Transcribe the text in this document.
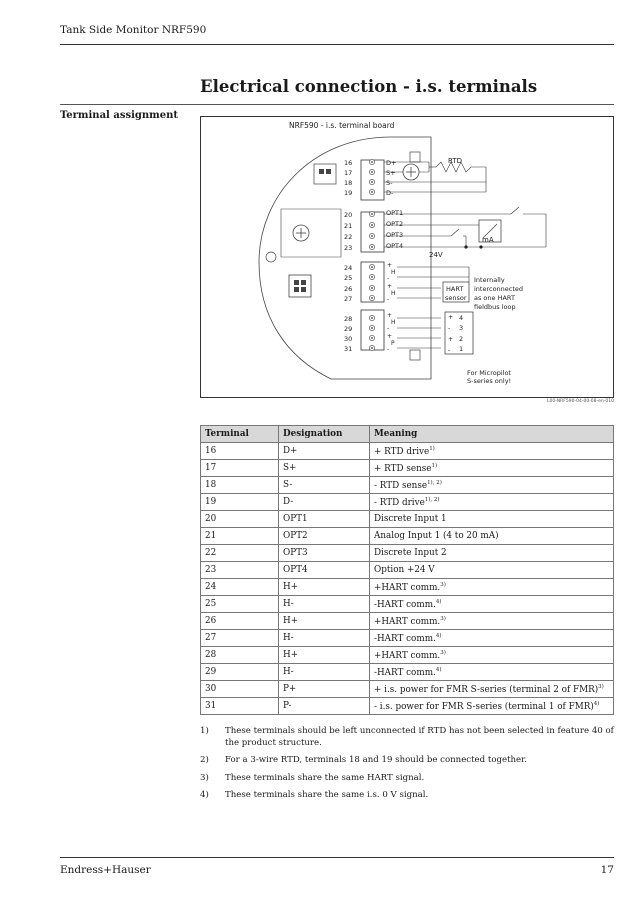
Tank Side Monitor NRF590
Electrical connection - i.s. terminals
Terminal assignment
NRF590 - i.s. terminal board
16
17
18
19
20
21
22
23
24
25
26
27
28
29
30
31
D+
S+
S-
D-
OPT1
OPT2
OPT3
OPT4
RTD
mA
24V
+
H
-
+
H
-
+
H
-
+
P
-
HART
sensor
Internally
interconnected
as one HART
fieldbus loop
+
-
+
-
4
3
2
1
For Micropilot
S-series only!
L00-NRF590-04-00-08-en-010
Terminal	Designation	Meaning
16	D+	+ RTD drive$^{1)}$
17	S+	+ RTD sense$^{1)}$
18	S-	- RTD sense$^{1), 2)}$
19	D-	- RTD drive$^{1), 2)}$
20	OPT1	Discrete Input 1
21	OPT2	Analog Input 1 (4 to 20 mA)
22	OPT3	Discrete Input 2
23	OPT4	Option +24 V
24	H+	+HART comm.$^{3)}$
25	H-	-HART comm.$^{4)}$
26	H+	+HART comm.$^{3)}$
27	H-	-HART comm.$^{4)}$
28	H+	+HART comm.$^{3)}$
29	H-	-HART comm.$^{4)}$
30	P+	+ i.s. power for FMR S-series (terminal 2 of FMR)$^{3)}$
31	P-	- i.s. power for FMR S-series (terminal 1 of FMR)$^{4)}$
1)	These terminals should be left unconnected if RTD has not been selected in feature 40 of the product structure.
2)	For a 3-wire RTD, terminals 18 and 19 should be connected together.
3)	These terminals share the same HART signal.
4)	These terminals share the same i.s. 0 V signal.
Endress+Hauser	17
